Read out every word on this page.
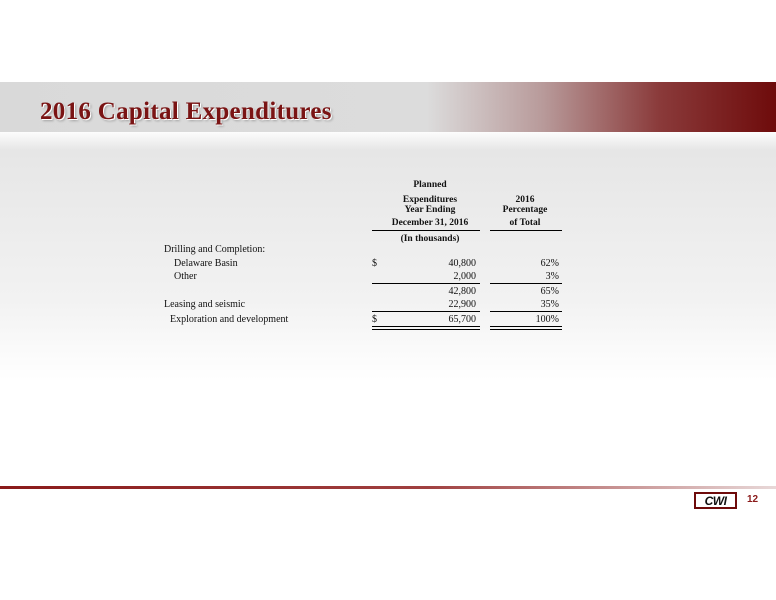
2016 Capital Expenditures
Planned
Expenditures
Year Ending
December 31, 2016
(In thousands)
2016
Percentage
of Total
Drilling and Completion:
Delaware Basin	$	40,800	62%
Other	2,000	3%
42,800	65%
Leasing and seismic	22,900	35%
Exploration and development	$	65,700	100%
CWI 12
